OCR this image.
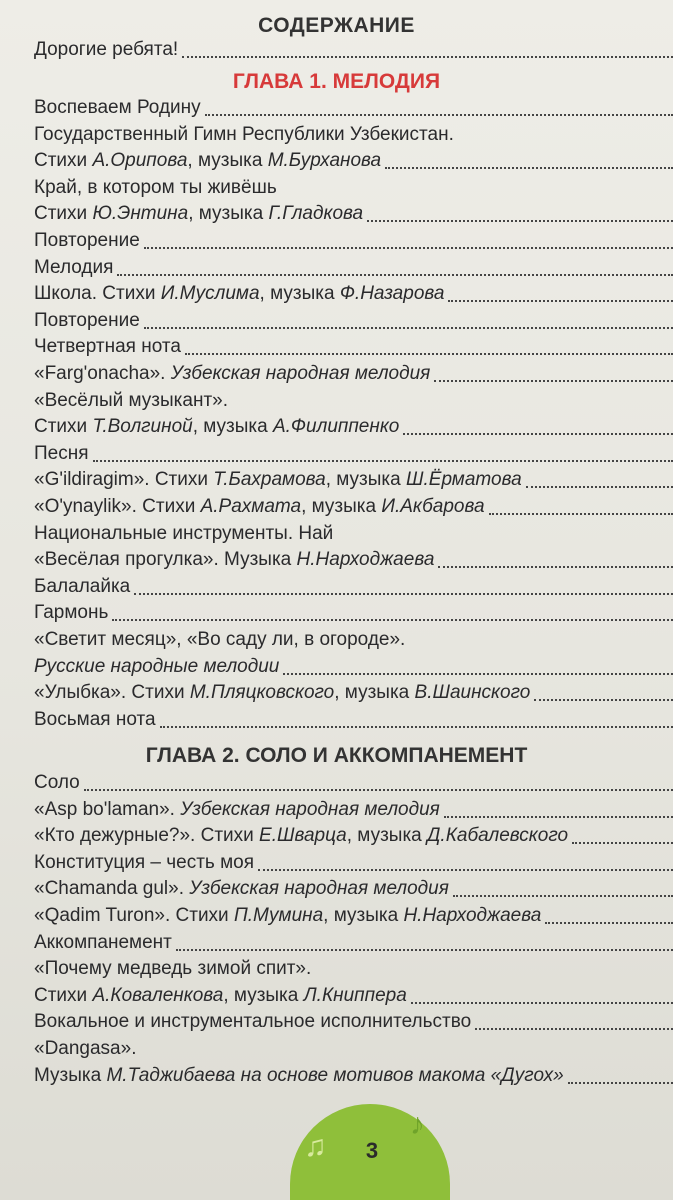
СОДЕРЖАНИЕ
Дорогие ребята!
ГЛАВА 1. МЕЛОДИЯ
Воспеваем Родину
Государственный Гимн Республики Узбекистан.
Стихи А.Орипова, музыка М.Бурханова
Край, в котором ты живёшь
Стихи Ю.Энтина, музыка Г.Гладкова
Повторение
Мелодия
Школа. Стихи И.Муслима, музыка Ф.Назарова
Повторение
Четвертная нота
«Farg'onacha». Узбекская народная мелодия
«Весёлый музыкант».
Стихи Т.Волгиной, музыка А.Филиппенко
Песня
«G'ildiragim». Стихи Т.Бахрамова, музыка Ш.Ёрматова
«O'ynaylik». Стихи А.Рахмата, музыка И.Акбарова
Национальные инструменты. Най
«Весёлая прогулка». Музыка Н.Нарходжаева
Балалайка
Гармонь
«Светит месяц», «Во саду ли, в огороде».
Русские народные мелодии
«Улыбка». Стихи М.Пляцковского, музыка В.Шаинского
Восьмая нота
ГЛАВА 2. СОЛО И АККОМПАНЕМЕНТ
Соло
«Asp bo'laman». Узбекская народная мелодия
«Кто дежурные?». Стихи Е.Шварца, музыка Д.Кабалевского
Конституция – честь моя
«Chamanda gul». Узбекская народная мелодия
«Qadim Turon». Стихи П.Мумина, музыка Н.Нарходжаева
Аккомпанемент
«Почему медведь зимой спит».
Стихи А.Коваленкова, музыка Л.Книппера
Вокальное и инструментальное исполнительство
«Dangasa».
Музыка М.Таджибаева на основе мотивов макома «Дугох»
♫
♪
3
